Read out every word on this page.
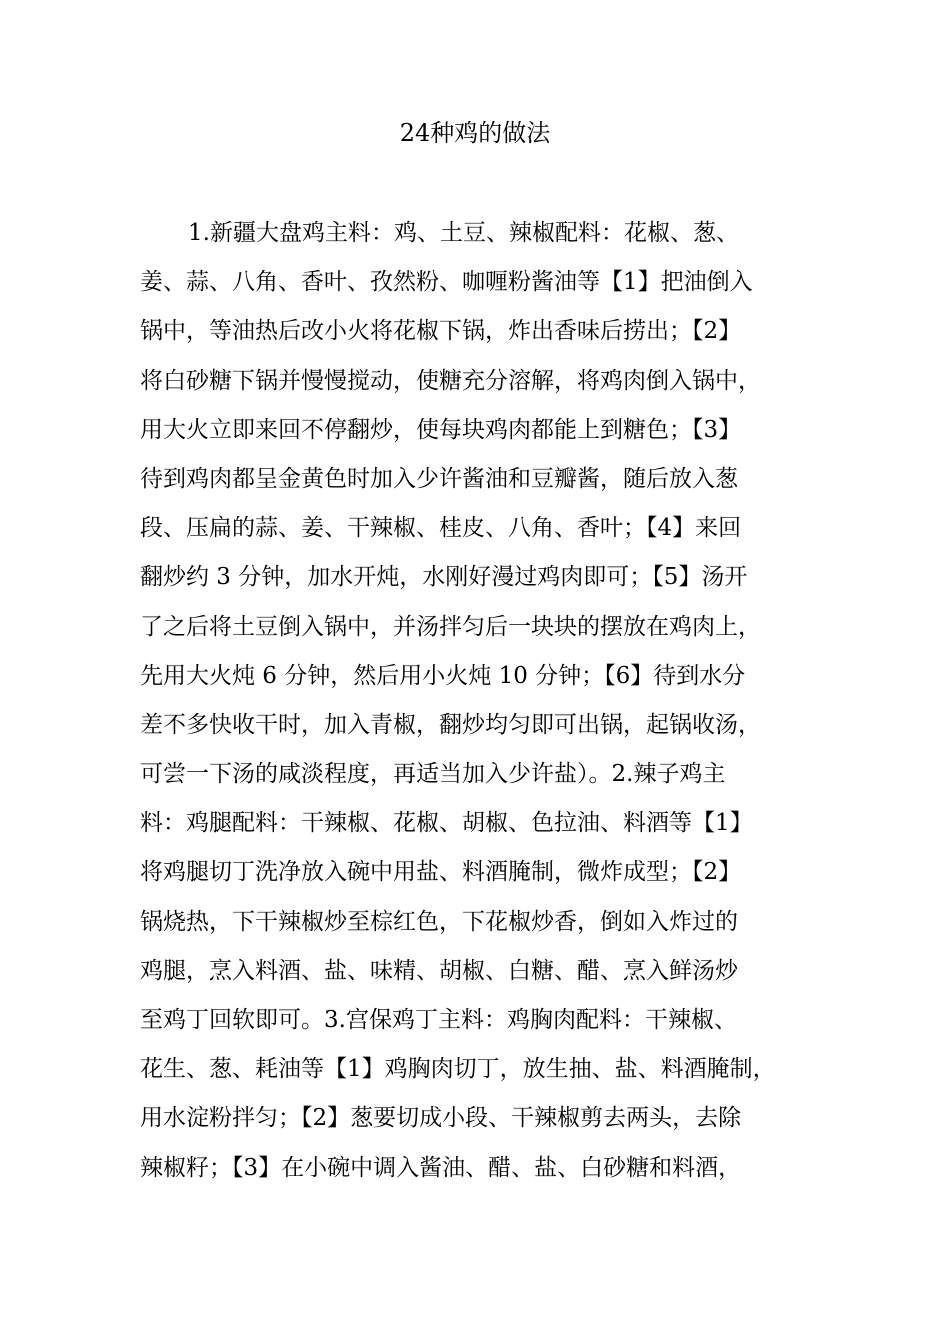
24种鸡的做法
1.新疆大盘鸡主料：鸡、土豆、辣椒配料：花椒、葱、
姜、蒜、八角、香叶、孜然粉、咖喱粉酱油等【1】把油倒入
锅中，等油热后改小火将花椒下锅，炸出香味后捞出；【2】
将白砂糖下锅并慢慢搅动，使糖充分溶解，将鸡肉倒入锅中，
用大火立即来回不停翻炒，使每块鸡肉都能上到糖色；【3】
待到鸡肉都呈金黄色时加入少许酱油和豆瓣酱，随后放入葱
段、压扁的蒜、姜、干辣椒、桂皮、八角、香叶；【4】来回
翻炒约 3 分钟，加水开炖，水刚好漫过鸡肉即可；【5】汤开
了之后将土豆倒入锅中，并汤拌匀后一块块的摆放在鸡肉上，
先用大火炖 6 分钟，然后用小火炖 10 分钟；【6】待到水分
差不多快收干时，加入青椒，翻炒均匀即可出锅，起锅收汤，
可尝一下汤的咸淡程度，再适当加入少许盐）。2.辣子鸡主
料：鸡腿配料：干辣椒、花椒、胡椒、色拉油、料酒等【1】
将鸡腿切丁洗净放入碗中用盐、料酒腌制，微炸成型；【2】
锅烧热，下干辣椒炒至棕红色，下花椒炒香，倒如入炸过的
鸡腿，烹入料酒、盐、味精、胡椒、白糖、醋、烹入鲜汤炒
至鸡丁回软即可。3.宫保鸡丁主料：鸡胸肉配料：干辣椒、
花生、葱、耗油等【1】鸡胸肉切丁，放生抽、盐、料酒腌制，
用水淀粉拌匀；【2】葱要切成小段、干辣椒剪去两头，去除
辣椒籽；【3】在小碗中调入酱油、醋、盐、白砂糖和料酒，
